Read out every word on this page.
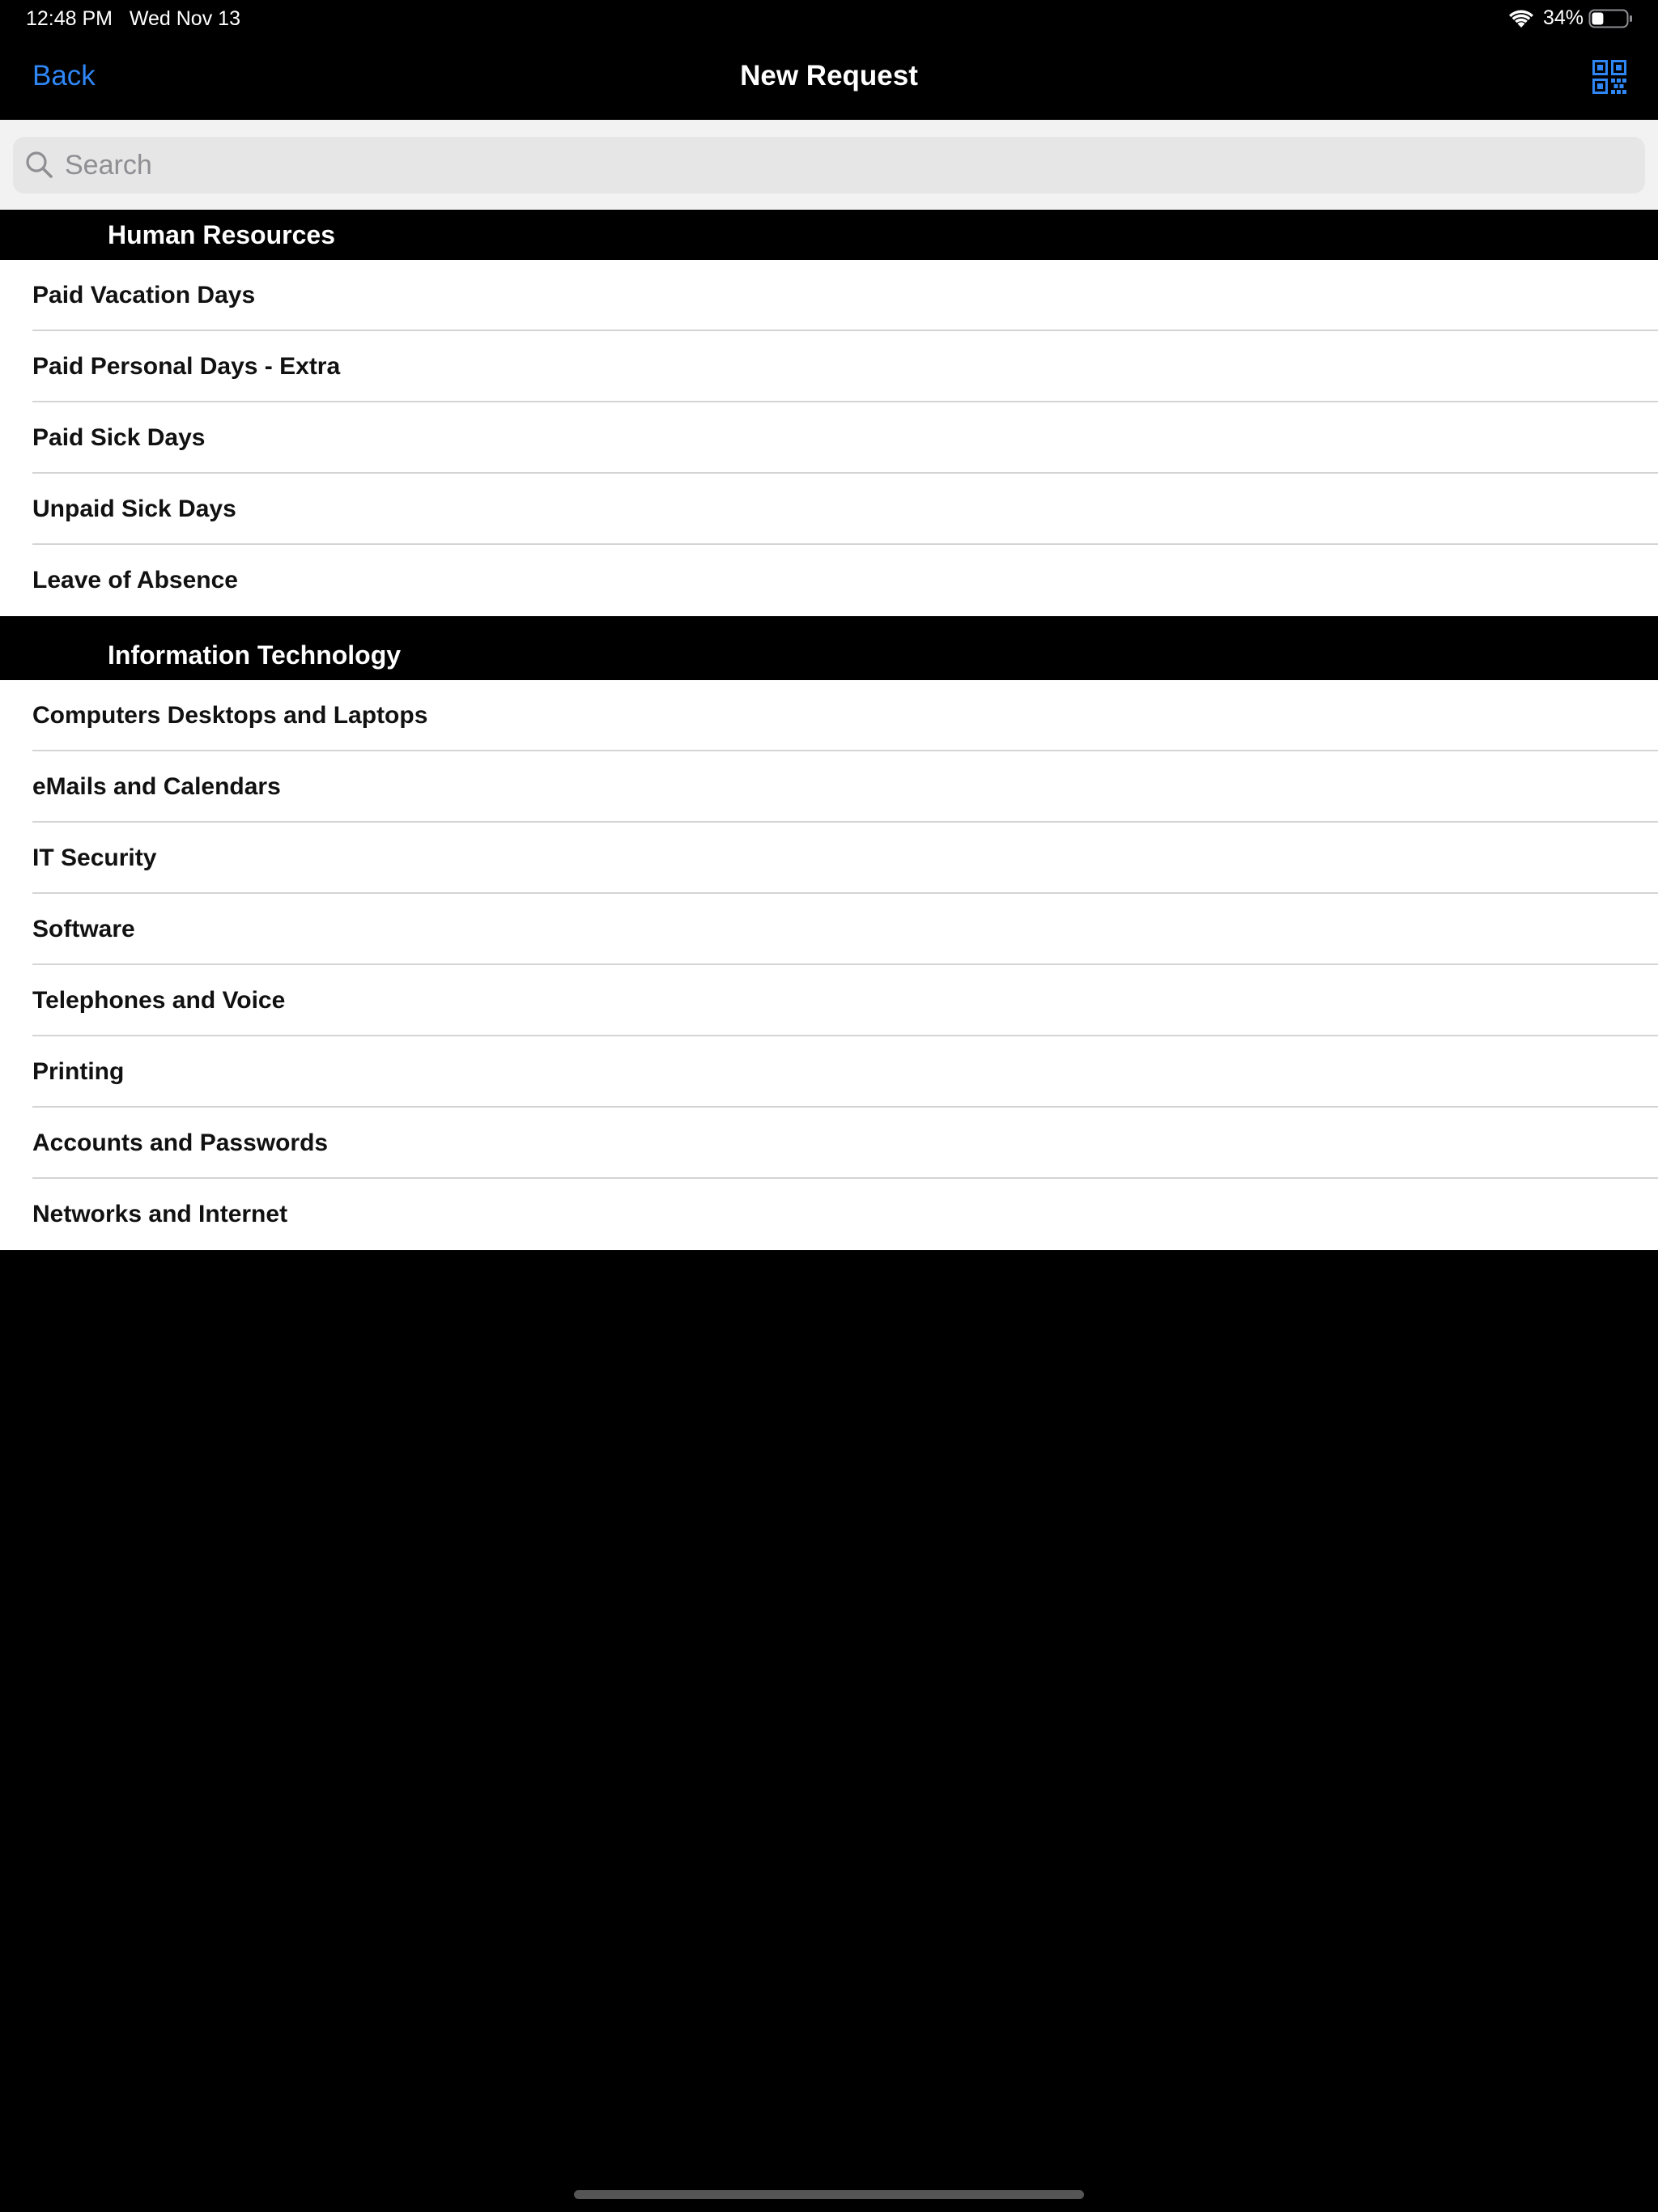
12:48 PM Wed Nov 13	34%
Back	New Request
Search
Human Resources
Paid Vacation Days
Paid Personal Days - Extra
Paid Sick Days
Unpaid Sick Days
Leave of Absence
Information Technology
Computers Desktops and Laptops
eMails and Calendars
IT Security
Software
Telephones and Voice
Printing
Accounts and Passwords
Networks and Internet
